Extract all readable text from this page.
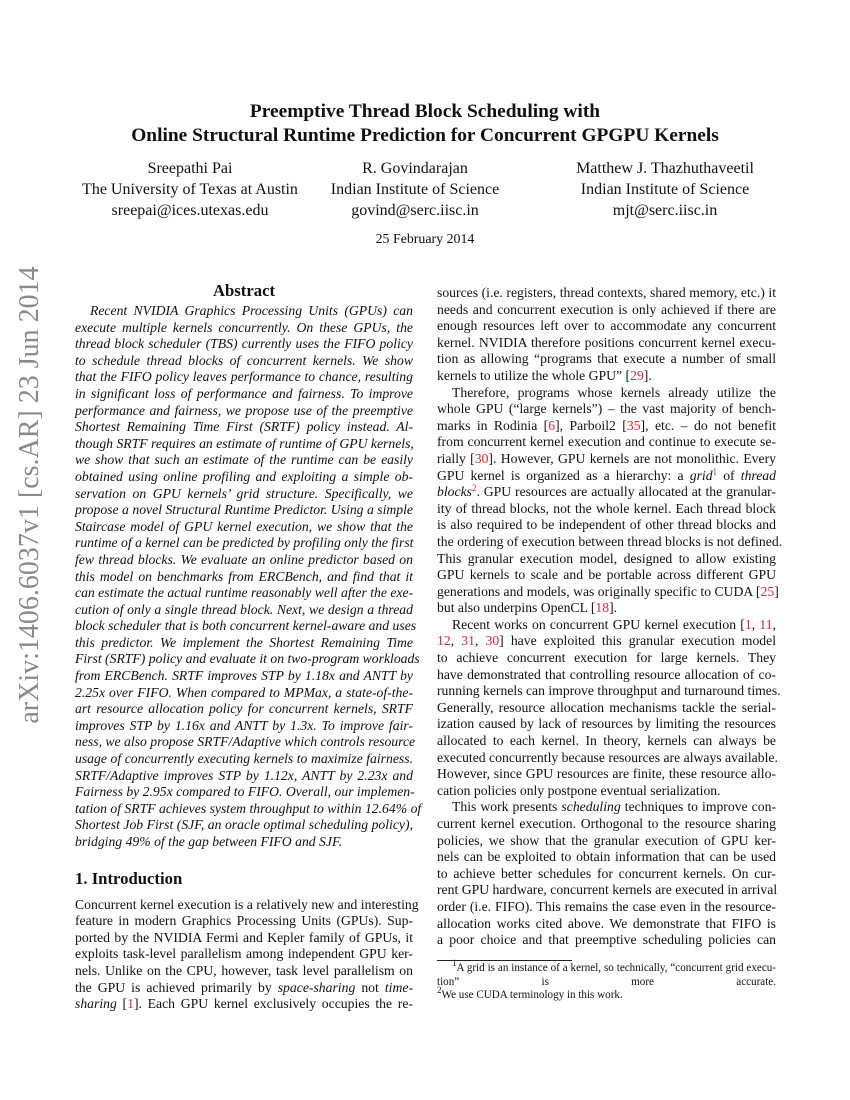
arXiv:1406.6037v1 [cs.AR] 23 Jun 2014
Preemptive Thread Block Scheduling with
Online Structural Runtime Prediction for Concurrent GPGPU Kernels
Sreepathi Pai
The University of Texas at Austin
sreepai@ices.utexas.edu
R. Govindarajan
Indian Institute of Science
govind@serc.iisc.in
Matthew J. Thazhuthaveetil
Indian Institute of Science
mjt@serc.iisc.in
25 February 2014
Abstract
Recent NVIDIA Graphics Processing Units (GPUs) can
execute multiple kernels concurrently. On these GPUs, the
thread block scheduler (TBS) currently uses the FIFO policy
to schedule thread blocks of concurrent kernels. We show
that the FIFO policy leaves performance to chance, resulting
in significant loss of performance and fairness. To improve
performance and fairness, we propose use of the preemptive
Shortest Remaining Time First (SRTF) policy instead. Al-
though SRTF requires an estimate of runtime of GPU kernels,
we show that such an estimate of the runtime can be easily
obtained using online profiling and exploiting a simple ob-
servation on GPU kernels’ grid structure. Specifically, we
propose a novel Structural Runtime Predictor. Using a simple
Staircase model of GPU kernel execution, we show that the
runtime of a kernel can be predicted by profiling only the first
few thread blocks. We evaluate an online predictor based on
this model on benchmarks from ERCBench, and find that it
can estimate the actual runtime reasonably well after the exe-
cution of only a single thread block. Next, we design a thread
block scheduler that is both concurrent kernel-aware and uses
this predictor. We implement the Shortest Remaining Time
First (SRTF) policy and evaluate it on two-program workloads
from ERCBench. SRTF improves STP by 1.18x and ANTT by
2.25x over FIFO. When compared to MPMax, a state-of-the-
art resource allocation policy for concurrent kernels, SRTF
improves STP by 1.16x and ANTT by 1.3x. To improve fair-
ness, we also propose SRTF/Adaptive which controls resource
usage of concurrently executing kernels to maximize fairness.
SRTF/Adaptive improves STP by 1.12x, ANTT by 2.23x and
Fairness by 2.95x compared to FIFO. Overall, our implemen-
tation of SRTF achieves system throughput to within 12.64% of
Shortest Job First (SJF, an oracle optimal scheduling policy),
bridging 49% of the gap between FIFO and SJF.
1. Introduction
Concurrent kernel execution is a relatively new and interesting
feature in modern Graphics Processing Units (GPUs). Sup-
ported by the NVIDIA Fermi and Kepler family of GPUs, it
exploits task-level parallelism among independent GPU ker-
nels. Unlike on the CPU, however, task level parallelism on
the GPU is achieved primarily by space-sharing not time-
sharing [1]. Each GPU kernel exclusively occupies the re-
sources (i.e. registers, thread contexts, shared memory, etc.) it
needs and concurrent execution is only achieved if there are
enough resources left over to accommodate any concurrent
kernel. NVIDIA therefore positions concurrent kernel execu-
tion as allowing “programs that execute a number of small
kernels to utilize the whole GPU” [29].
Therefore, programs whose kernels already utilize the
whole GPU (“large kernels”) – the vast majority of bench-
marks in Rodinia [6], Parboil2 [35], etc. – do not benefit
from concurrent kernel execution and continue to execute se-
rially [30]. However, GPU kernels are not monolithic. Every
GPU kernel is organized as a hierarchy: a grid$^1$ of thread
blocks$^2$. GPU resources are actually allocated at the granular-
ity of thread blocks, not the whole kernel. Each thread block
is also required to be independent of other thread blocks and
the ordering of execution between thread blocks is not defined.
This granular execution model, designed to allow existing
GPU kernels to scale and be portable across different GPU
generations and models, was originally specific to CUDA [25]
but also underpins OpenCL [18].
Recent works on concurrent GPU kernel execution [1, 11,
12, 31, 30] have exploited this granular execution model
to achieve concurrent execution for large kernels. They
have demonstrated that controlling resource allocation of co-
running kernels can improve throughput and turnaround times.
Generally, resource allocation mechanisms tackle the serial-
ization caused by lack of resources by limiting the resources
allocated to each kernel. In theory, kernels can always be
executed concurrently because resources are always available.
However, since GPU resources are finite, these resource allo-
cation policies only postpone eventual serialization.
This work presents scheduling techniques to improve con-
current kernel execution. Orthogonal to the resource sharing
policies, we show that the granular execution of GPU ker-
nels can be exploited to obtain information that can be used
to achieve better schedules for concurrent kernels. On cur-
rent GPU hardware, concurrent kernels are executed in arrival
order (i.e. FIFO). This remains the case even in the resource-
allocation works cited above. We demonstrate that FIFO is
a poor choice and that preemptive scheduling policies can
$^1$A grid is an instance of a kernel, so technically, “concurrent grid execu-
tion” is more accurate.
$^2$We use CUDA terminology in this work.
